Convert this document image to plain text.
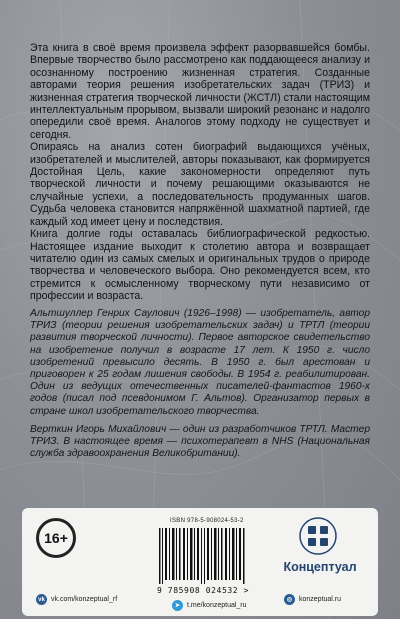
Эта книга в своё время произвела эффект разорвавшейся бомбы. Впервые творчество было рассмотрено как поддающееся анализу и осознанному построению жизненная стратегия. Созданные авторами теория решения изобретательских задач (ТРИЗ) и жизненная стратегия творческой личности (ЖСТЛ) стали настоящим интеллектуальным прорывом, вызвали широкий резонанс и надолго опередили своё время. Аналогов этому подходу не существует и сегодня.

Опираясь на анализ сотен биографий выдающихся учёных, изобретателей и мыслителей, авторы показывают, как формируется Достойная Цель, какие закономерности определяют путь творческой личности и почему решающими оказываются не случайные успехи, а последовательность продуманных шагов. Судьба человека становится напряжённой шахматной партией, где каждый ход имеет цену и последствия.

Книга долгие годы оставалась библиографической редкостью. Настоящее издание выходит к столетию автора и возвращает читателю один из самых смелых и оригинальных трудов о природе творчества и человеческого выбора. Оно рекомендуется всем, кто стремится к осмысленному творческому пути независимо от профессии и возраста.

Альтшуллер Генрих Саулович (1926–1998) — изобретатель, автор ТРИЗ (теории решения изобретательских задач) и ТРТЛ (теории развития творческой личности). Первое авторское свидетельство на изобретение получил в возрасте 17 лет. К 1950 г. число изобретений превысило десять. В 1950 г. был арестован и приговорен к 25 годам лишения свободы. В 1954 г. реабилитирован. Один из ведущих отечественных писателей-фантастов 1960-х годов (писал под псевдонимом Г. Альтов). Организатор первых в стране школ изобретательского творчества.

Верткин Игорь Михайлович — один из разработчиков ТРТЛ. Мастер ТРИЗ. В настоящее время — психотерапевт в NHS (Национальная служба здравоохранения Великобритании).

16+
ISBN 978-5-908024-53-2
9 785908 024532 >
Концептуал
vk vk.com/konzeptual_rf
➤ t.me/konzeptual_ru
◎ konzeptual.ru
